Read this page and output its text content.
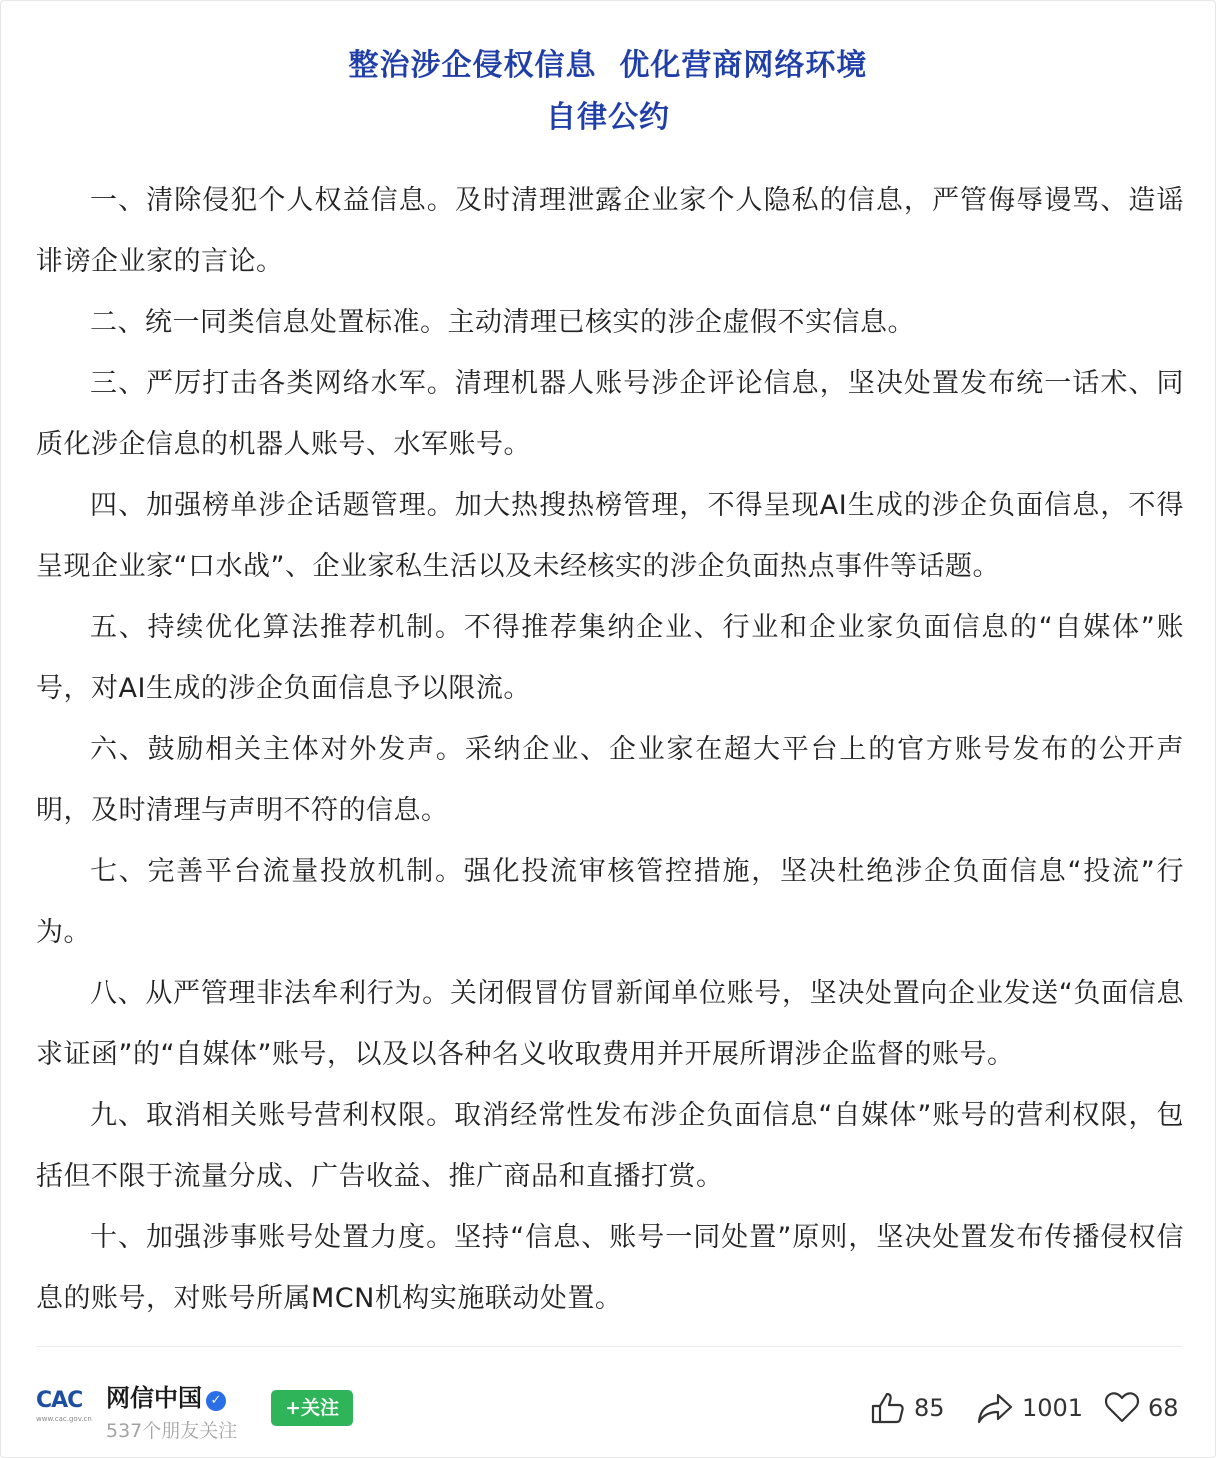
整治涉企侵权信息  优化营商网络环境
自律公约

一、清除侵犯个人权益信息。及时清理泄露企业家个人隐私的信息，严管侮辱谩骂、造谣诽谤企业家的言论。

二、统一同类信息处置标准。主动清理已核实的涉企虚假不实信息。

三、严厉打击各类网络水军。清理机器人账号涉企评论信息，坚决处置发布统一话术、同质化涉企信息的机器人账号、水军账号。

四、加强榜单涉企话题管理。加大热搜热榜管理，不得呈现AI生成的涉企负面信息，不得呈现企业家“口水战”、企业家私生活以及未经核实的涉企负面热点事件等话题。

五、持续优化算法推荐机制。不得推荐集纳企业、行业和企业家负面信息的“自媒体”账号，对AI生成的涉企负面信息予以限流。

六、鼓励相关主体对外发声。采纳企业、企业家在超大平台上的官方账号发布的公开声明，及时清理与声明不符的信息。

七、完善平台流量投放机制。强化投流审核管控措施，坚决杜绝涉企负面信息“投流”行为。

八、从严管理非法牟利行为。关闭假冒仿冒新闻单位账号，坚决处置向企业发送“负面信息求证函”的“自媒体”账号，以及以各种名义收取费用并开展所谓涉企监督的账号。

九、取消相关账号营利权限。取消经常性发布涉企负面信息“自媒体”账号的营利权限，包括但不限于流量分成、广告收益、推广商品和直播打赏。

十、加强涉事账号处置力度。坚持“信息、账号一同处置”原则，坚决处置发布传播侵权信息的账号，对账号所属MCN机构实施联动处置。

CAC
www.cac.gov.cn
网信中国 ✓
537个朋友关注
+关注	85	1001	68
